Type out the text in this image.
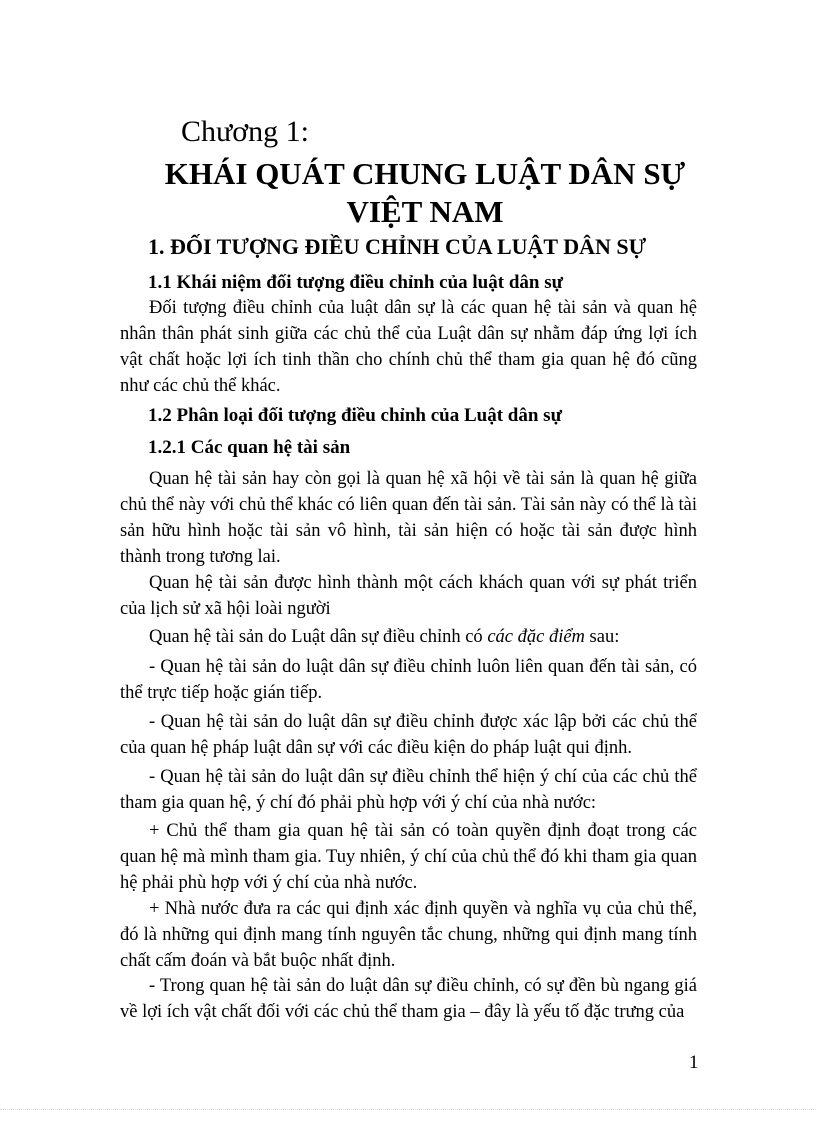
Chương 1:
KHÁI QUÁT CHUNG LUẬT DÂN SỰ
VIỆT NAM
1. ĐỐI TƯỢNG ĐIỀU CHỈNH CỦA LUẬT DÂN SỰ
1.1 Khái niệm đối tượng điều chỉnh của luật dân sự
Đối tượng điều chỉnh của luật dân sự là các quan hệ tài sản và quan hệ nhân thân phát sinh giữa các chủ thể của Luật dân sự nhằm đáp ứng lợi ích vật chất hoặc lợi ích tinh thần cho chính chủ thể tham gia quan hệ đó cũng như các chủ thể khác.
1.2 Phân loại đối tượng điều chỉnh của Luật dân sự
1.2.1 Các quan hệ tài sản
Quan hệ tài sản hay còn gọi là quan hệ xã hội về tài sản là quan hệ giữa chủ thể này với chủ thể khác có liên quan đến tài sản. Tài sản này có thể là tài sản hữu hình hoặc tài sản vô hình, tài sản hiện có hoặc tài sản được hình thành trong tương lai.
Quan hệ tài sản được hình thành một cách khách quan với sự phát triển của lịch sử xã hội loài người
Quan hệ tài sản do Luật dân sự điều chỉnh có các đặc điểm sau:
- Quan hệ tài sản do luật dân sự điều chỉnh luôn liên quan đến tài sản, có thể trực tiếp hoặc gián tiếp.
- Quan hệ tài sản do luật dân sự điều chỉnh được xác lập bởi các chủ thể của quan hệ pháp luật dân sự với các điều kiện do pháp luật qui định.
- Quan hệ tài sản do luật dân sự điều chỉnh thể hiện ý chí của các chủ thể tham gia quan hệ, ý chí đó phải phù hợp với ý chí của nhà nước:
+ Chủ thể tham gia quan hệ tài sản có toàn quyền định đoạt trong các quan hệ mà mình tham gia. Tuy nhiên, ý chí của chủ thể đó khi tham gia quan hệ phải phù hợp với ý chí của nhà nước.
+ Nhà nước đưa ra các qui định xác định quyền và nghĩa vụ của chủ thể, đó là những qui định mang tính nguyên tắc chung, những qui định mang tính chất cấm đoán và bắt buộc nhất định.
- Trong quan hệ tài sản do luật dân sự điều chỉnh, có sự đền bù ngang giá về lợi ích vật chất đối với các chủ thể tham gia – đây là yếu tố đặc trưng của
1
